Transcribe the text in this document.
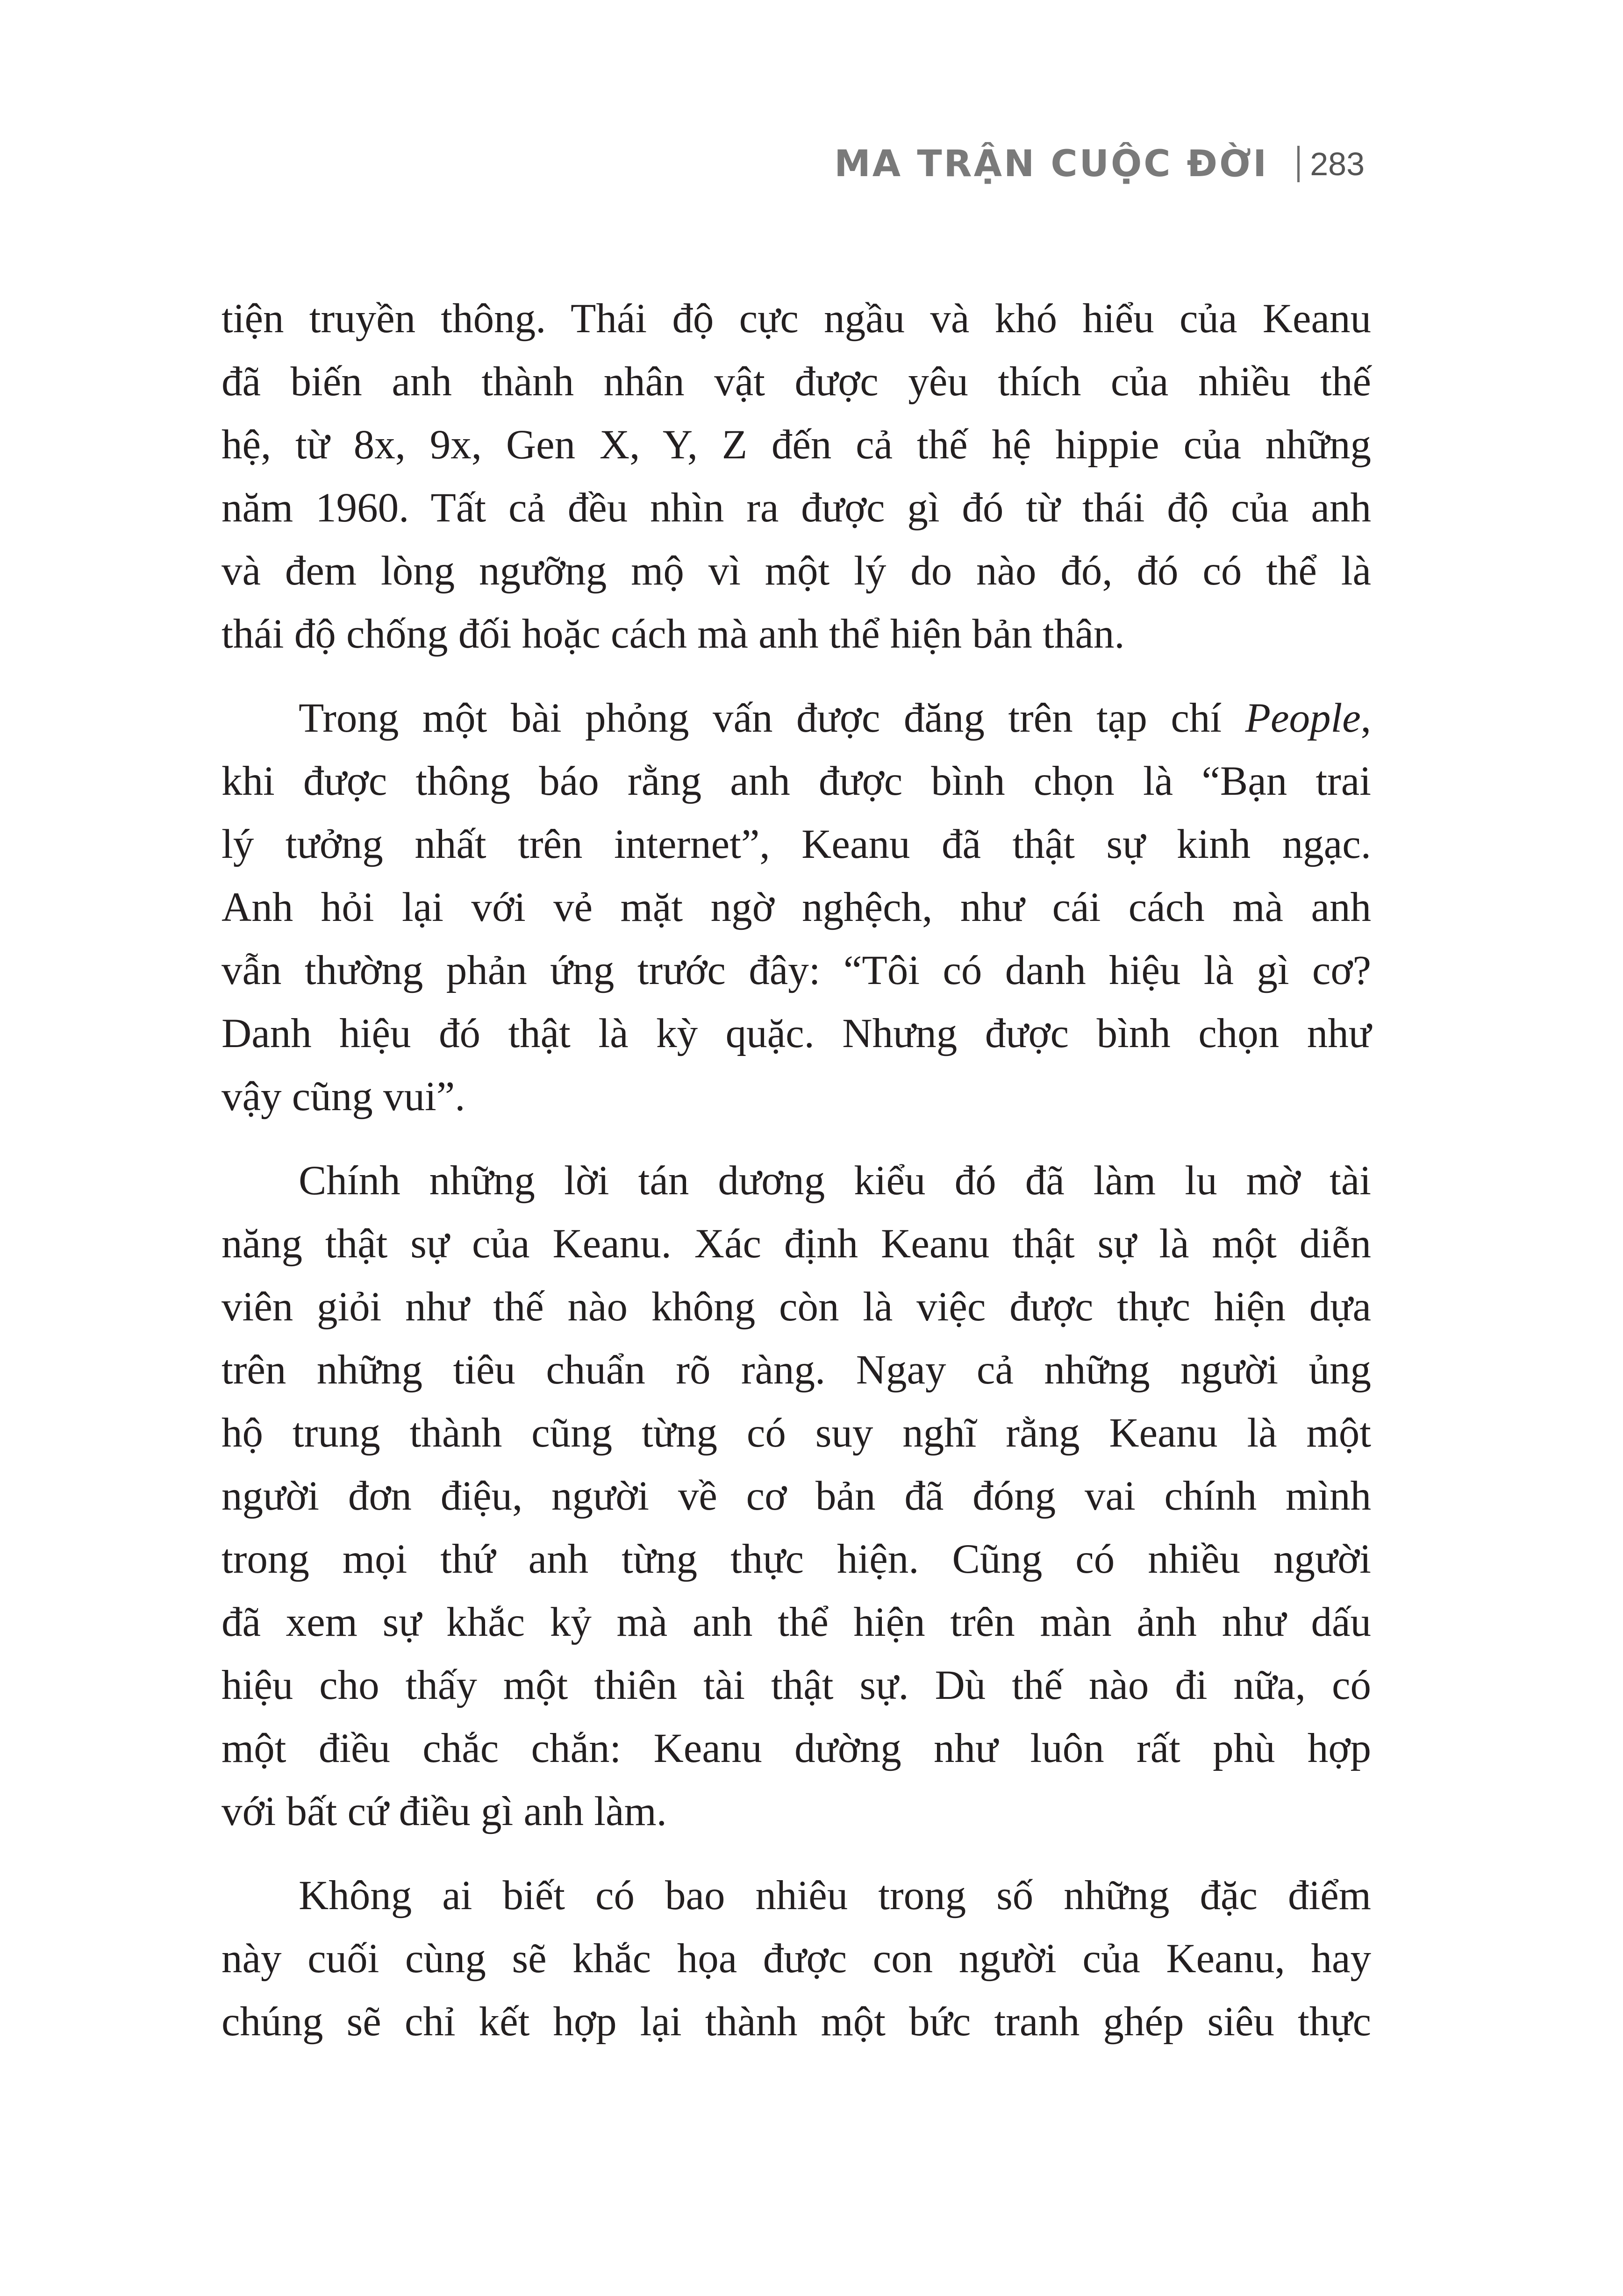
MA TRẬN CUỘC ĐỜI 283
tiện truyền thông. Thái độ cực ngầu và khó hiểu của Keanu
đã biến anh thành nhân vật được yêu thích của nhiều thế
hệ, từ 8x, 9x, Gen X, Y, Z đến cả thế hệ hippie của những
năm 1960. Tất cả đều nhìn ra được gì đó từ thái độ của anh
và đem lòng ngưỡng mộ vì một lý do nào đó, đó có thể là
thái độ chống đối hoặc cách mà anh thể hiện bản thân.
Trong một bài phỏng vấn được đăng trên tạp chí People,
khi được thông báo rằng anh được bình chọn là “Bạn trai
lý tưởng nhất trên internet”, Keanu đã thật sự kinh ngạc.
Anh hỏi lại với vẻ mặt ngờ nghệch, như cái cách mà anh
vẫn thường phản ứng trước đây: “Tôi có danh hiệu là gì cơ?
Danh hiệu đó thật là kỳ quặc. Nhưng được bình chọn như
vậy cũng vui”.
Chính những lời tán dương kiểu đó đã làm lu mờ tài
năng thật sự của Keanu. Xác định Keanu thật sự là một diễn
viên giỏi như thế nào không còn là việc được thực hiện dựa
trên những tiêu chuẩn rõ ràng. Ngay cả những người ủng
hộ trung thành cũng từng có suy nghĩ rằng Keanu là một
người đơn điệu, người về cơ bản đã đóng vai chính mình
trong mọi thứ anh từng thực hiện. Cũng có nhiều người
đã xem sự khắc kỷ mà anh thể hiện trên màn ảnh như dấu
hiệu cho thấy một thiên tài thật sự. Dù thế nào đi nữa, có
một điều chắc chắn: Keanu dường như luôn rất phù hợp
với bất cứ điều gì anh làm.
Không ai biết có bao nhiêu trong số những đặc điểm
này cuối cùng sẽ khắc họa được con người của Keanu, hay
chúng sẽ chỉ kết hợp lại thành một bức tranh ghép siêu thực
